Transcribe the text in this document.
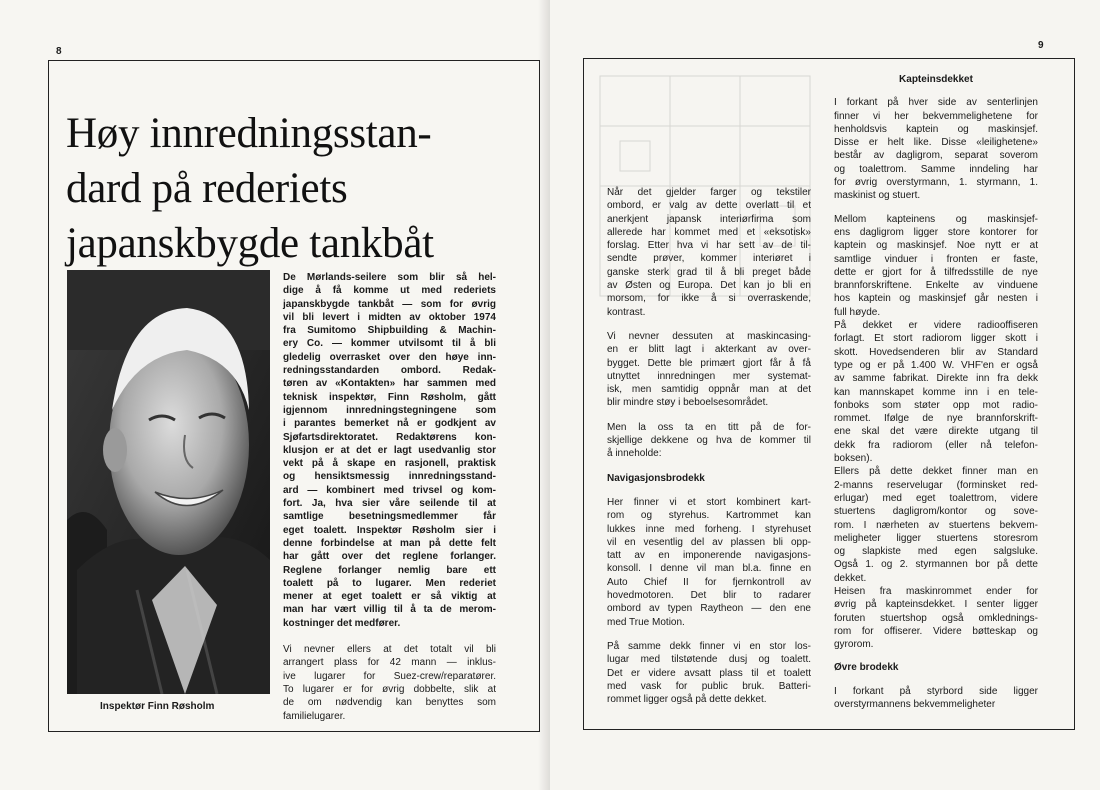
8
Høy innredningsstan-
dard på rederiets
japanskbygde tankbåt
Inspektør Finn Røsholm
De Mørlands-seilere som blir så hel-
dige å få komme ut med rederiets
japanskbygde tankbåt — som for øvrig
vil bli levert i midten av oktober 1974
fra Sumitomo Shipbuilding & Machin-
ery Co. — kommer utvilsomt til å bli
gledelig overrasket over den høye inn-
redningsstandarden ombord. Redak-
tøren av «Kontakten» har sammen med
teknisk inspektør, Finn Røsholm, gått
igjennom innredningstegningene som
i parantes bemerket nå er godkjent av
Sjøfartsdirektoratet. Redaktørens kon-
klusjon er at det er lagt usedvanlig stor
vekt på å skape en rasjonell, praktisk
og hensiktsmessig innredningsstand-
ard — kombinert med trivsel og kom-
fort. Ja, hva sier våre seilende til at
samtlige besetningsmedlemmer får
eget toalett. Inspektør Røsholm sier i
denne forbindelse at man på dette felt
har gått over det reglene forlanger.
Reglene forlanger nemlig bare ett
toalett på to lugarer. Men rederiet
mener at eget toalett er så viktig at
man har vært villig til å ta de merom-
kostninger det medfører.
Vi nevner ellers at det totalt vil bli
arrangert plass for 42 mann — inklus-
ive lugarer for Suez-crew/reparatører.
To lugarer er for øvrig dobbelte, slik at
de om nødvendig kan benyttes som
familielugarer.
9
Når det gjelder farger og tekstiler
ombord, er valg av dette overlatt til et
anerkjent japansk interiørfirma som
allerede har kommet med et «eksotisk»
forslag. Etter hva vi har sett av de til-
sendte prøver, kommer interiøret i
ganske sterk grad til å bli preget både
av Østen og Europa. Det kan jo bli en
morsom, for ikke å si overraskende,
kontrast.
Vi nevner dessuten at maskincasing-
en er blitt lagt i akterkant av over-
bygget. Dette ble primært gjort får å få
utnyttet innredningen mer systemat-
isk, men samtidig oppnår man at det
blir mindre støy i beboelsesområdet.
Men la oss ta en titt på de for-
skjellige dekkene og hva de kommer til
å inneholde:
Navigasjonsbrodekk
Her finner vi et stort kombinert kart-
rom og styrehus. Kartrommet kan
lukkes inne med forheng. I styrehuset
vil en vesentlig del av plassen bli opp-
tatt av en imponerende navigasjons-
konsoll. I denne vil man bl.a. finne en
Auto Chief II for fjernkontroll av
hovedmotoren. Det blir to radarer
ombord av typen Raytheon — den ene
med True Motion.
På samme dekk finner vi en stor los-
lugar med tilstøtende dusj og toalett.
Det er videre avsatt plass til et toalett
med vask for public bruk. Batteri-
rommet ligger også på dette dekket.
Kapteinsdekket
I forkant på hver side av senterlinjen
finner vi her bekvemmelighetene for
henholdsvis kaptein og maskinsjef.
Disse er helt like. Disse «leilighetene»
består av dagligrom, separat soverom
og toalettrom. Samme inndeling har
for øvrig overstyrmann, 1. styrmann, 1.
maskinist og stuert.
Mellom kapteinens og maskinsjef-
ens dagligrom ligger store kontorer for
kaptein og maskinsjef. Noe nytt er at
samtlige vinduer i fronten er faste,
dette er gjort for å tilfredsstille de nye
brannforskriftene. Enkelte av vinduene
hos kaptein og maskinsjef går nesten i
full høyde.
På dekket er videre radiooffiseren
forlagt. Et stort radiorom ligger skott i
skott. Hovedsenderen blir av Standard
type og er på 1.400 W. VHF'en er også
av samme fabrikat. Direkte inn fra dekk
kan mannskapet komme inn i en tele-
fonboks som støter opp mot radio-
rommet. Ifølge de nye brannforskrift-
ene skal det være direkte utgang til
dekk fra radiorom (eller nå telefon-
boksen).
Ellers på dette dekket finner man en
2-manns reservelugar (forminsket red-
erlugar) med eget toalettrom, videre
stuertens dagligrom/kontor og sove-
rom. I nærheten av stuertens bekvem-
meligheter ligger stuertens storesrom
og slapkiste med egen salgsluke.
Også 1. og 2. styrmannen bor på dette
dekket.
Heisen fra maskinrommet ender for
øvrig på kapteinsdekket. I senter ligger
foruten stuertshop også omklednings-
rom for offiserer. Videre bøtteskap og
gyrorom.
Øvre brodekk
I forkant på styrbord side ligger
overstyrmannens bekvemmeligheter
